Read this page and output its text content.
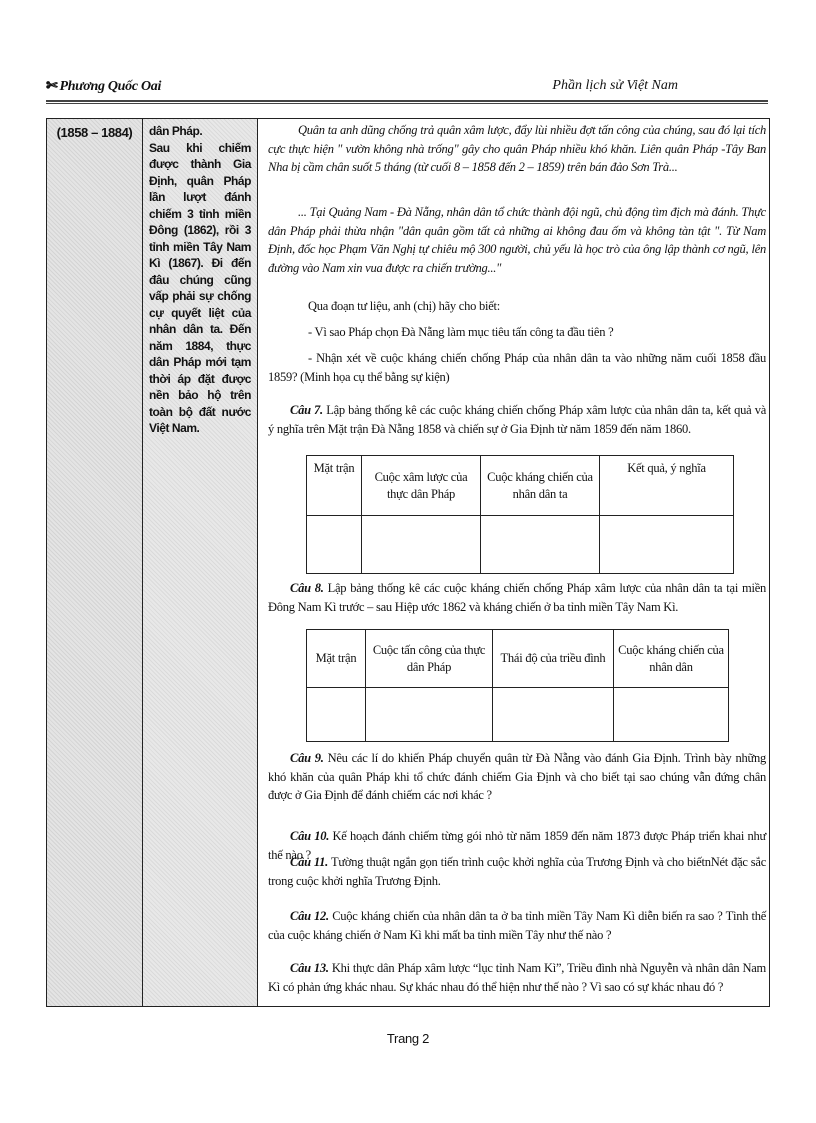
✄ Phương Quốc Oai	Phần lịch sử Việt Nam
(1858 – 1884)	dân Pháp.

Sau khi chiếm được thành Gia Định, quân Pháp lần lượt đánh chiếm 3 tỉnh miền Đông (1862), rồi 3 tỉnh miền Tây Nam Kì (1867). Đi đến đâu chúng cũng vấp phải sự chống cự quyết liệt của nhân dân ta. Đến năm 1884, thực dân Pháp mới tạm thời áp đặt được nền bảo hộ trên toàn bộ đất nước Việt Nam.

Quân ta anh dũng chống trả quân xâm lược, đẩy lùi nhiều đợt tấn công của chúng, sau đó lại tích cực thực hiện " vườn không nhà trống" gây cho quân Pháp nhiều khó khăn. Liên quân Pháp -Tây Ban Nha bị cầm chân suốt 5 tháng (từ cuối 8 – 1858 đến 2 – 1859) trên bán đảo Sơn Trà...
... Tại Quảng Nam - Đà Nẵng, nhân dân tổ chức thành đội ngũ, chủ động tìm địch mà đánh. Thực dân Pháp phải thừa nhận "dân quân gồm tất cả những ai không đau ốm và không tàn tật ". Từ Nam Định, đốc học Phạm Văn Nghị tự chiêu mộ 300 người, chủ yếu là học trò của ông lập thành cơ ngũ, lên đường vào Nam xin vua được ra chiến trường..."
Qua đoạn tư liệu, anh (chị) hãy cho biết:
- Vì sao Pháp chọn Đà Nẵng làm mục tiêu tấn công ta đầu tiên ?
- Nhận xét về cuộc kháng chiến chống Pháp của nhân dân ta vào những năm cuối 1858 đầu 1859? (Minh họa cụ thể bằng sự kiện)
Câu 7. Lập bảng thống kê các cuộc kháng chiến chống Pháp xâm lược của nhân dân ta, kết quả và ý nghĩa trên Mặt trận Đà Nẵng 1858 và chiến sự ở Gia Định từ năm 1859 đến năm 1860.
Mặt trận	Cuộc xâm lược của thực dân Pháp	Cuộc kháng chiến của nhân dân ta	Kết quả, ý nghĩa

Câu 8. Lập bảng thống kê các cuộc kháng chiến chống Pháp xâm lược của nhân dân ta tại miền Đông Nam Kì trước – sau Hiệp ước 1862 và kháng chiến ở ba tỉnh miền Tây Nam Kì.
Mặt trận	Cuộc tấn công của thực dân Pháp	Thái độ của triều đình	Cuộc kháng chiến của nhân dân

Câu 9. Nêu các lí do khiến Pháp chuyển quân từ Đà Nẵng vào đánh Gia Định. Trình bày những khó khăn của quân Pháp khi tổ chức đánh chiếm Gia Định và cho biết tại sao chúng vẫn đứng chân được ở Gia Định để đánh chiếm các nơi khác ?
Câu 10. Kế hoạch đánh chiếm từng gói nhỏ từ năm 1859 đến năm 1873 được Pháp triển khai như thế nào ?
Câu 11. Tường thuật ngắn gọn tiến trình cuộc khởi nghĩa của Trương Định và cho biếtnNét đặc sắc trong cuộc khởi nghĩa Trương Định.
Câu 12. Cuộc kháng chiến của nhân dân ta ở ba tỉnh miền Tây Nam Kì diễn biến ra sao ? Tình thế của cuộc kháng chiến ở Nam Kì khi mất ba tỉnh miền Tây như thế nào ?
Câu 13. Khi thực dân Pháp xâm lược “lục tỉnh Nam Kì”, Triều đình nhà Nguyễn và nhân dân Nam Kì có phản ứng khác nhau. Sự khác nhau đó thể hiện như thế nào ? Vì sao có sự khác nhau đó ?
Trang 2
